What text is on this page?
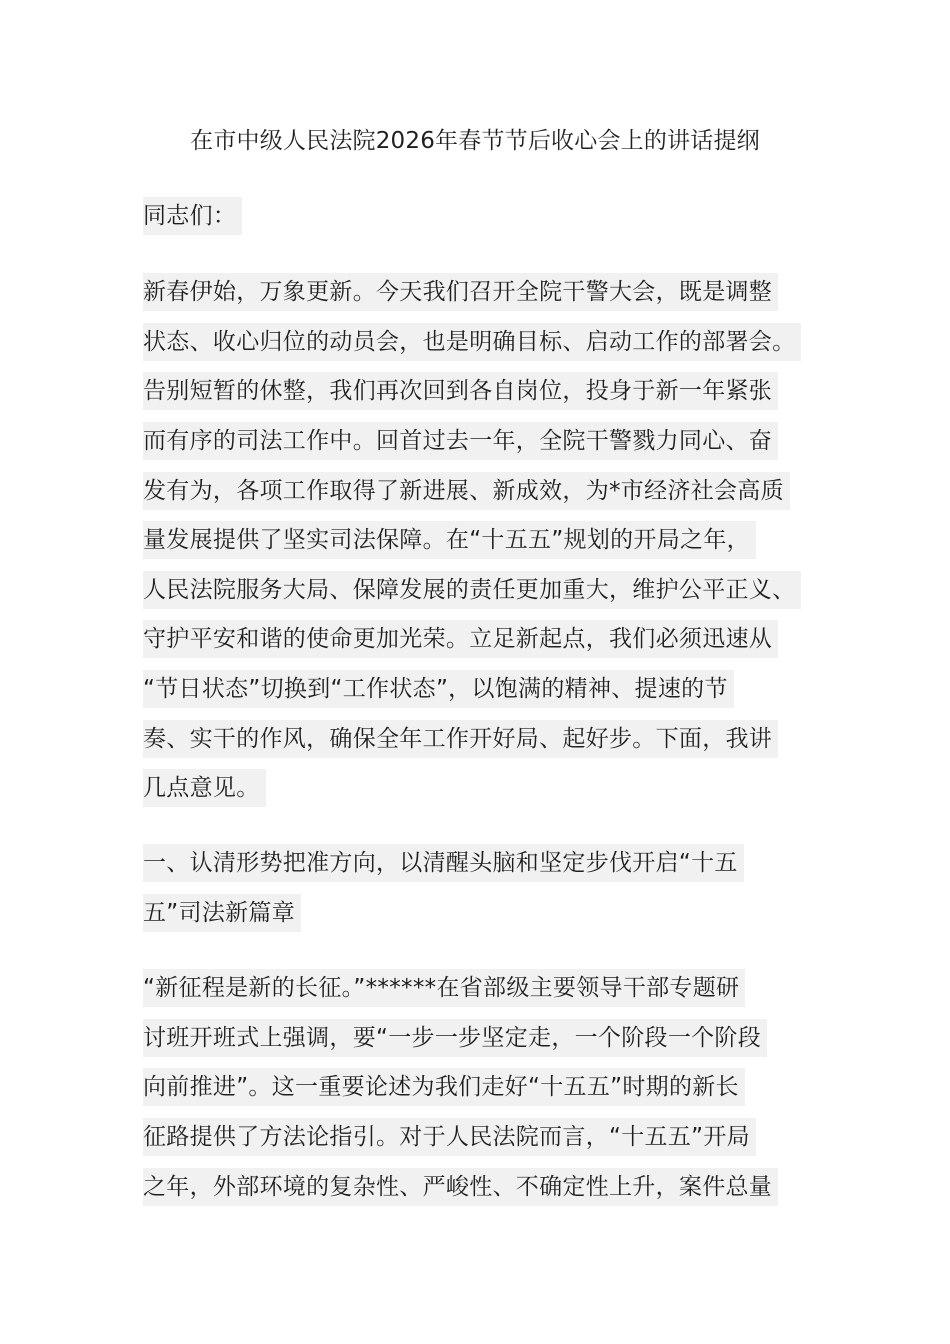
在市中级人民法院2026年春节节后收心会上的讲话提纲
同志们：
新春伊始，万象更新。今天我们召开全院干警大会，既是调整
状态、收心归位的动员会，也是明确目标、启动工作的部署会。
告别短暂的休整，我们再次回到各自岗位，投身于新一年紧张
而有序的司法工作中。回首过去一年，全院干警戮力同心、奋
发有为，各项工作取得了新进展、新成效，为*市经济社会高质
量发展提供了坚实司法保障。在“十五五”规划的开局之年，
人民法院服务大局、保障发展的责任更加重大，维护公平正义、
守护平安和谐的使命更加光荣。立足新起点，我们必须迅速从
“节日状态”切换到“工作状态”，以饱满的精神、提速的节
奏、实干的作风，确保全年工作开好局、起好步。下面，我讲
几点意见。
一、认清形势把准方向，以清醒头脑和坚定步伐开启“十五
五”司法新篇章
“新征程是新的长征。”******在省部级主要领导干部专题研
讨班开班式上强调，要“一步一步坚定走，一个阶段一个阶段
向前推进”。这一重要论述为我们走好“十五五”时期的新长
征路提供了方法论指引。对于人民法院而言，“十五五”开局
之年，外部环境的复杂性、严峻性、不确定性上升，案件总量
